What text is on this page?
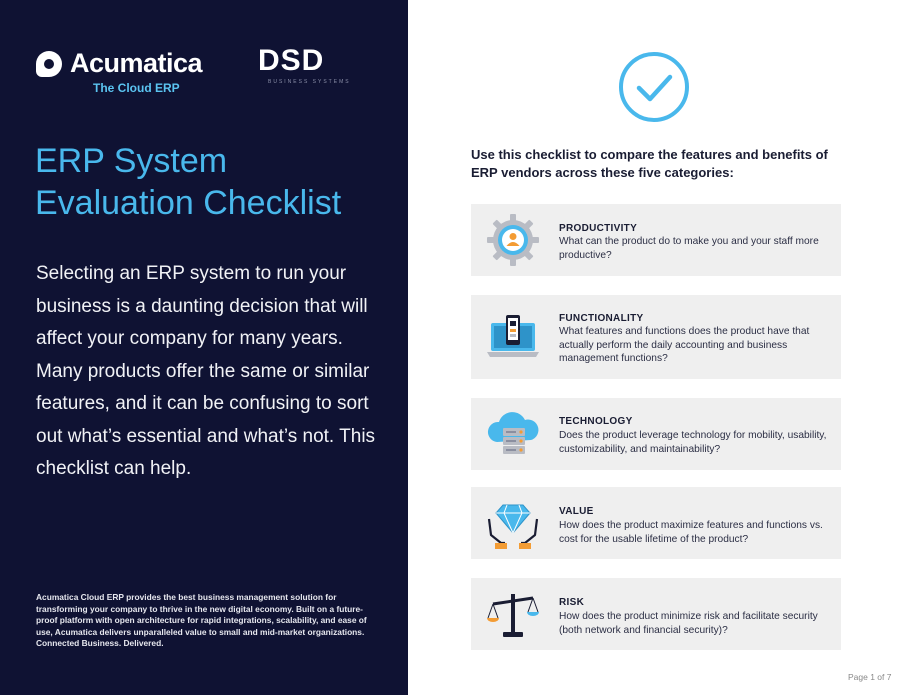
Acumatica
The Cloud ERP
DSD
BUSINESS SYSTEMS
ERP System
Evaluation Checklist

Selecting an ERP system to run your business is a daunting decision that will affect your company for many years. Many products offer the same or similar features, and it can be confusing to sort out what’s essential and what’s not. This checklist can help.

Acumatica Cloud ERP provides the best business management solution for transforming your company to thrive in the new digital economy. Built on a future-proof platform with open architecture for rapid integrations, scalability, and ease of use, Acumatica delivers unparalleled value to small and mid-market organizations. Connected Business. Delivered.

Use this checklist to compare the features and benefits of ERP vendors across these five categories:

PRODUCTIVITY
What can the product do to make you and your staff more productive?
FUNCTIONALITY
What features and functions does the product have that actually perform the daily accounting and business management functions?
TECHNOLOGY
Does the product leverage technology for mobility, usability, customizability, and maintainability?
VALUE
How does the product maximize features and functions vs. cost for the usable lifetime of the product?
RISK
How does the product minimize risk and facilitate security (both network and financial security)?
Page 1 of 7
